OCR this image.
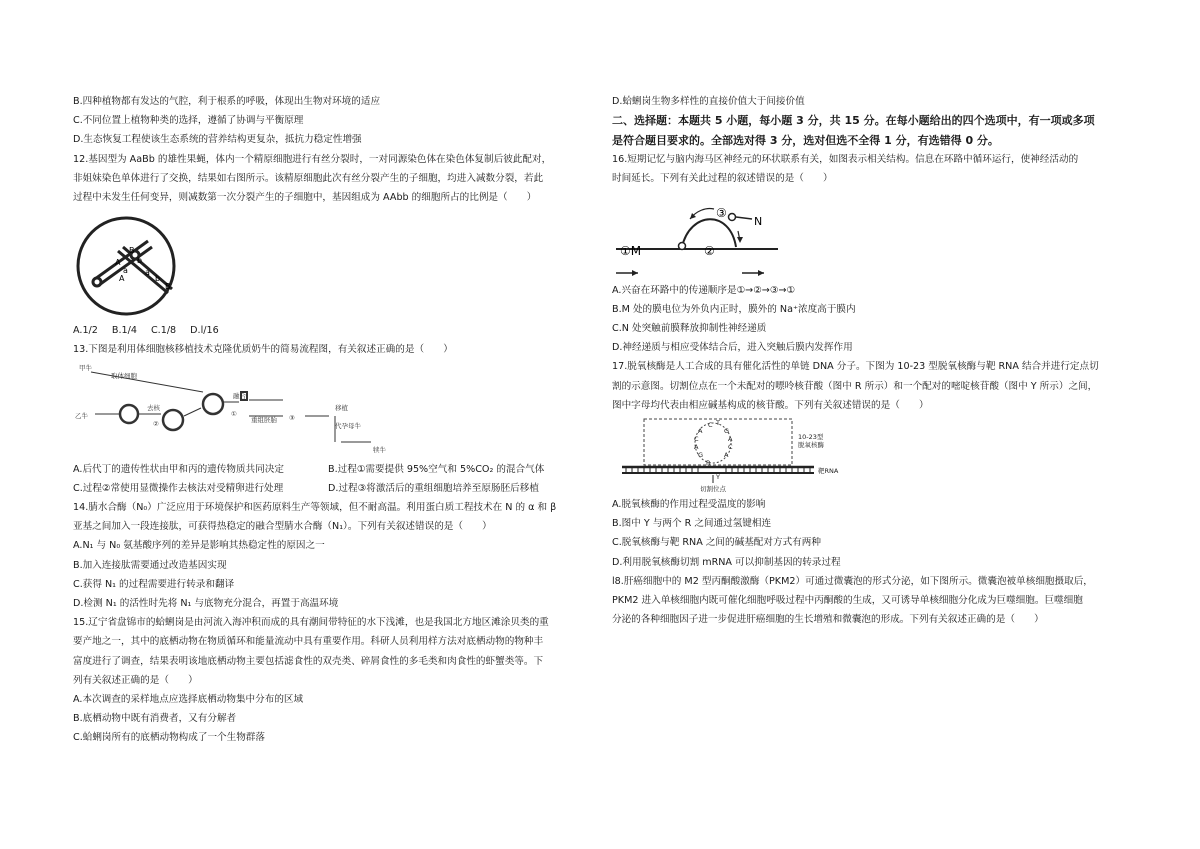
B.四种植物都有发达的气腔，利于根系的呼吸，体现出生物对环境的适应

C.不同位置上植物种类的选择，遵循了协调与平衡原理

D.生态恢复工程使该生态系统的营养结构更复杂，抵抗力稳定性增强

12.基因型为 AaBb 的雄性果蝇，体内一个精原细胞进行有丝分裂时，一对同源染色体在染色体复制后彼此配对，

非姐妹染色单体进行了交换，结果如右图所示。该精原细胞此次有丝分裂产生的子细胞，均进入减数分裂，若此

过程中未发生任何变异，则减数第一次分裂产生的子细胞中，基因组成为 AAbb 的细胞所占的比例是（　　）

A
a
B
b
a
A	b
B
A.1/2 B.1/4 C.1/8 D.l/16

13.下图是利用体细胞核移植技术克隆优质奶牛的简易流程图，有关叙述正确的是（　　）

甲牛
取体细胞
乙牛
去核
②
融合
①
重组胚胎 ③
移植
代孕母牛
犊牛
A.后代丁的遗传性状由甲和丙的遗传物质共同决定	B.过程①需要提供 95%空气和 5%CO₂ 的混合气体
C.过程②常使用显微操作去核法对受精卵进行处理	D.过程③将激活后的重组细胞培养至原肠胚后移植

14.腈水合酶（N₀）广泛应用于环境保护和医药原料生产等领域，但不耐高温。利用蛋白质工程技术在 N 的 α 和 β

亚基之间加入一段连接肽，可获得热稳定的融合型腈水合酶（N₁）。下列有关叙述错误的是（　　）

A.N₁ 与 N₀ 氨基酸序列的差异是影响其热稳定性的原因之一

B.加入连接肽需要通过改造基因实现

C.获得 N₁ 的过程需要进行转录和翻译

D.检测 N₁ 的活性时先将 N₁ 与底物充分混合，再置于高温环境

15.辽宁省盘锦市的蛤蜊岗是由河流入海冲积而成的具有潮间带特征的水下浅滩，也是我国北方地区滩涂贝类的重

要产地之一，其中的底栖动物在物质循环和能量流动中具有重要作用。科研人员利用样方法对底栖动物的物种丰

富度进行了调查，结果表明该地底栖动物主要包括滤食性的双壳类、碎屑食性的多毛类和肉食性的虾蟹类等。下

列有关叙述正确的是（　　）

A.本次调查的采样地点应选择底栖动物集中分布的区域

B.底栖动物中既有消费者，又有分解者

C.蛤蜊岗所有的底栖动物构成了一个生物群落

D.蛤蜊岗生物多样性的直接价值大于间接价值

二、选择题：本题共 5 小题，每小题 3 分，共 15 分。在每小题给出的四个选项中，有一项或多项

是符合题目要求的。全部选对得 3 分，选对但选不全得 1 分，有选错得 0 分。

16.短期记忆与脑内海马区神经元的环状联系有关，如图表示相关结构。信息在环路中循环运行，使神经活动的

时间延长。下列有关此过程的叙述错误的是（　　）

①M	②
③
N

A.兴奋在环路中的传递顺序是①→②→③→①

B.M 处的膜电位为外负内正时，膜外的 Na⁺浓度高于膜内

C.N 处突触前膜释放抑制性神经递质

D.神经递质与相应受体结合后，进入突触后膜内发挥作用

17.脱氧核酶是人工合成的具有催化活性的单链 DNA 分子。下图为 10-23 型脱氧核酶与靶 RNA 结合并进行定点切

割的示意图。切割位点在一个未配对的嘌呤核苷酸（图中 R 所示）和一个配对的嘧啶核苷酸（图中 Y 所示）之间，

图中字母均代表由相应碱基构成的核苷酸。下列有关叙述错误的是（　　）

C T
A	G
C	A
A	C
G	A
10-23型
脱氧核酶
靶RNA
R
Y
切割位点

A.脱氧核酶的作用过程受温度的影响

B.图中 Y 与两个 R 之间通过氢键相连

C.脱氧核酶与靶 RNA 之间的碱基配对方式有两种

D.利用脱氧核酶切割 mRNA 可以抑制基因的转录过程

l8.肝癌细胞中的 M2 型丙酮酸激酶（PKM2）可通过微囊泡的形式分泌，如下图所示。微囊泡被单核细胞摄取后，

PKM2 进入单核细胞内既可催化细胞呼吸过程中丙酮酸的生成，又可诱导单核细胞分化成为巨噬细胞。巨噬细胞

分泌的各种细胞因子进一步促进肝癌细胞的生长增殖和微囊泡的形成。下列有关叙述正确的是（　　）
